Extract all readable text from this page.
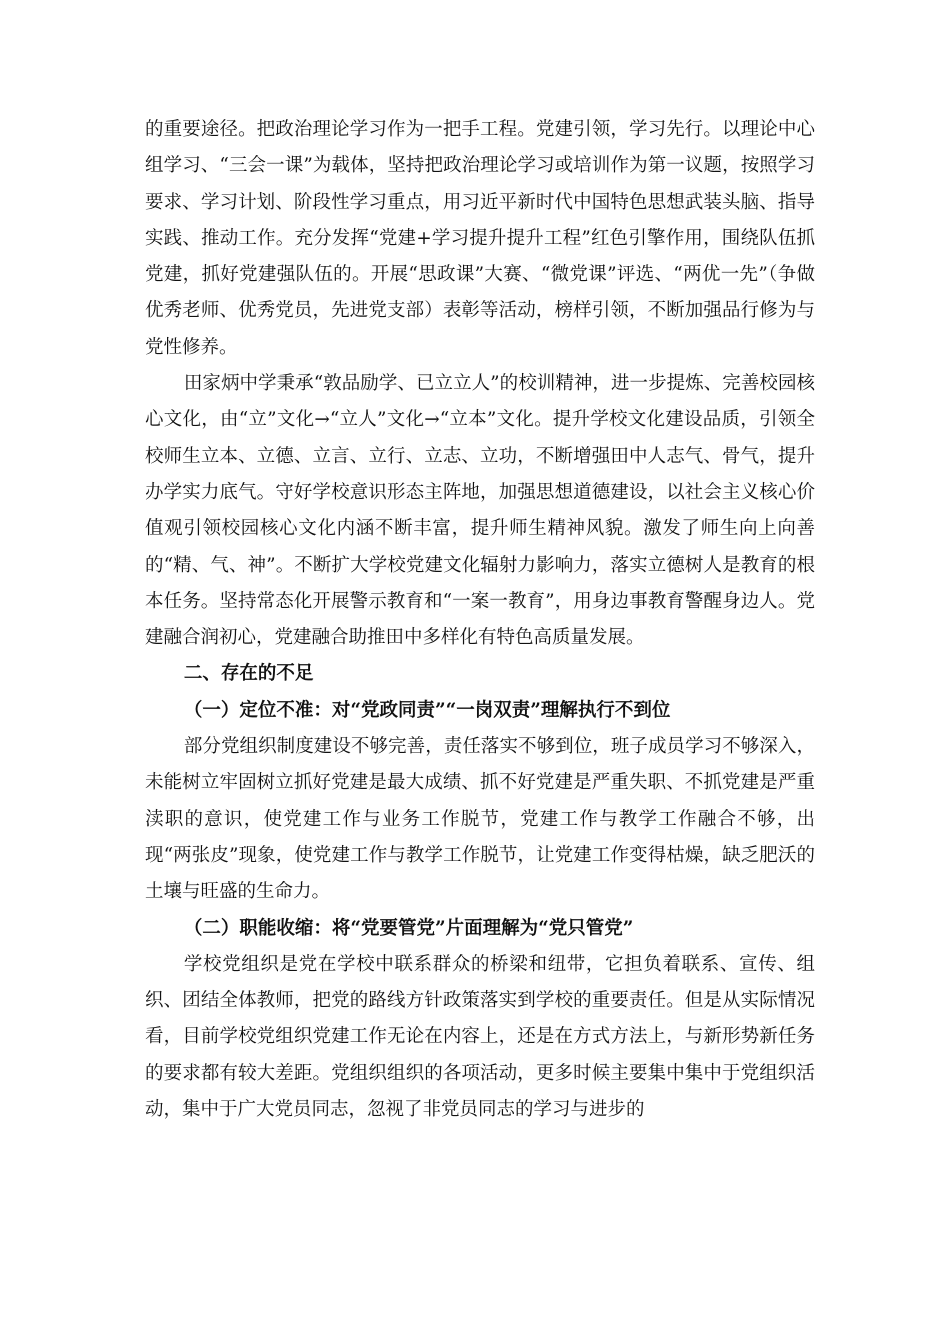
的重要途径。把政治理论学习作为一把手工程。党建引领，学习先行。以理论中心组学习、“三会一课”为载体，坚持把政治理论学习或培训作为第一议题，按照学习要求、学习计划、阶段性学习重点，用习近平新时代中国特色思想武装头脑、指导实践、推动工作。充分发挥“党建+学习提升提升工程”红色引擎作用，围绕队伍抓党建，抓好党建强队伍的。开展“思政课”大赛、“微党课”评选、“两优一先”（争做优秀老师、优秀党员，先进党支部）表彰等活动，榜样引领，不断加强品行修为与党性修养。

田家炳中学秉承“敦品励学、已立立人”的校训精神，进一步提炼、完善校园核心文化，由“立”文化→“立人”文化→“立本”文化。提升学校文化建设品质，引领全校师生立本、立德、立言、立行、立志、立功，不断增强田中人志气、骨气，提升办学实力底气。守好学校意识形态主阵地，加强思想道德建设，以社会主义核心价值观引领校园核心文化内涵不断丰富，提升师生精神风貌。激发了师生向上向善的“精、气、神”。不断扩大学校党建文化辐射力影响力，落实立德树人是教育的根本任务。坚持常态化开展警示教育和“一案一教育”，用身边事教育警醒身边人。党建融合润初心，党建融合助推田中多样化有特色高质量发展。

二、存在的不足

（一）定位不准：对“党政同责”“一岗双责”理解执行不到位

部分党组织制度建设不够完善，责任落实不够到位，班子成员学习不够深入，未能树立牢固树立抓好党建是最大成绩、抓不好党建是严重失职、不抓党建是严重渎职的意识，使党建工作与业务工作脱节，党建工作与教学工作融合不够，出现“两张皮”现象，使党建工作与教学工作脱节，让党建工作变得枯燥，缺乏肥沃的土壤与旺盛的生命力。

（二）职能收缩：将“党要管党”片面理解为“党只管党”

学校党组织是党在学校中联系群众的桥梁和纽带，它担负着联系、宣传、组织、团结全体教师，把党的路线方针政策落实到学校的重要责任。但是从实际情况看，目前学校党组织党建工作无论在内容上，还是在方式方法上，与新形势新任务的要求都有较大差距。党组织组织的各项活动，更多时候主要集中集中于党组织活动，集中于广大党员同志，忽视了非党员同志的学习与进步的
